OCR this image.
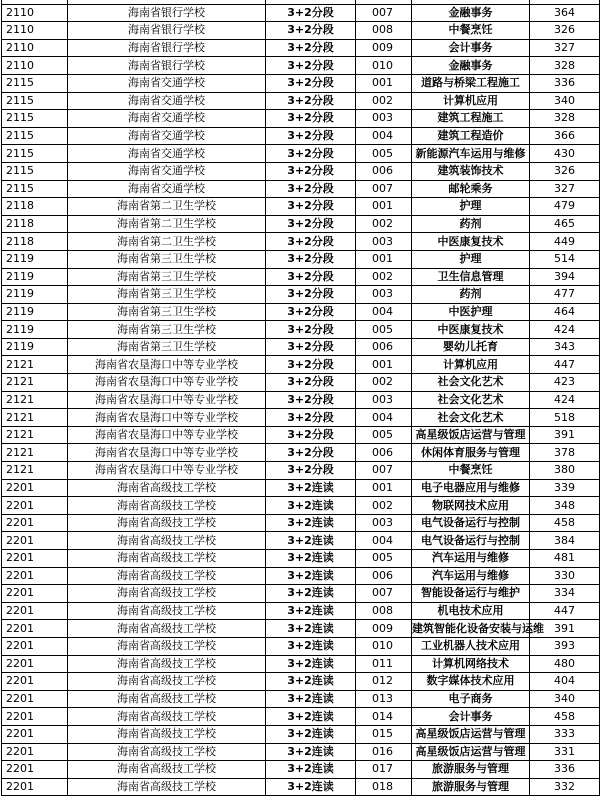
2110	海南省银行学校	3+2分段	007	金融事务	364
2110	海南省银行学校	3+2分段	008	中餐烹饪	326
2110	海南省银行学校	3+2分段	009	会计事务	327
2110	海南省银行学校	3+2分段	010	金融事务	328
2115	海南省交通学校	3+2分段	001	道路与桥梁工程施工	336
2115	海南省交通学校	3+2分段	002	计算机应用	340
2115	海南省交通学校	3+2分段	003	建筑工程施工	328
2115	海南省交通学校	3+2分段	004	建筑工程造价	366
2115	海南省交通学校	3+2分段	005	新能源汽车运用与维修	430
2115	海南省交通学校	3+2分段	006	建筑装饰技术	326
2115	海南省交通学校	3+2分段	007	邮轮乘务	327
2118	海南省第二卫生学校	3+2分段	001	护理	479
2118	海南省第二卫生学校	3+2分段	002	药剂	465
2118	海南省第二卫生学校	3+2分段	003	中医康复技术	449
2119	海南省第三卫生学校	3+2分段	001	护理	514
2119	海南省第三卫生学校	3+2分段	002	卫生信息管理	394
2119	海南省第三卫生学校	3+2分段	003	药剂	477
2119	海南省第三卫生学校	3+2分段	004	中医护理	464
2119	海南省第三卫生学校	3+2分段	005	中医康复技术	424
2119	海南省第三卫生学校	3+2分段	006	婴幼儿托育	343
2121	海南省农垦海口中等专业学校	3+2分段	001	计算机应用	447
2121	海南省农垦海口中等专业学校	3+2分段	002	社会文化艺术	423
2121	海南省农垦海口中等专业学校	3+2分段	003	社会文化艺术	424
2121	海南省农垦海口中等专业学校	3+2分段	004	社会文化艺术	518
2121	海南省农垦海口中等专业学校	3+2分段	005	高星级饭店运营与管理	391
2121	海南省农垦海口中等专业学校	3+2分段	006	休闲体育服务与管理	378
2121	海南省农垦海口中等专业学校	3+2分段	007	中餐烹饪	380
2201	海南省高级技工学校	3+2连读	001	电子电器应用与维修	339
2201	海南省高级技工学校	3+2连读	002	物联网技术应用	348
2201	海南省高级技工学校	3+2连读	003	电气设备运行与控制	458
2201	海南省高级技工学校	3+2连读	004	电气设备运行与控制	384
2201	海南省高级技工学校	3+2连读	005	汽车运用与维修	481
2201	海南省高级技工学校	3+2连读	006	汽车运用与维修	330
2201	海南省高级技工学校	3+2连读	007	智能设备运行与维护	334
2201	海南省高级技工学校	3+2连读	008	机电技术应用	447
2201	海南省高级技工学校	3+2连读	009	建筑智能化设备安装与运维	391
2201	海南省高级技工学校	3+2连读	010	工业机器人技术应用	393
2201	海南省高级技工学校	3+2连读	011	计算机网络技术	480
2201	海南省高级技工学校	3+2连读	012	数字媒体技术应用	404
2201	海南省高级技工学校	3+2连读	013	电子商务	340
2201	海南省高级技工学校	3+2连读	014	会计事务	458
2201	海南省高级技工学校	3+2连读	015	高星级饭店运营与管理	333
2201	海南省高级技工学校	3+2连读	016	高星级饭店运营与管理	331
2201	海南省高级技工学校	3+2连读	017	旅游服务与管理	336
2201	海南省高级技工学校	3+2连读	018	旅游服务与管理	332
